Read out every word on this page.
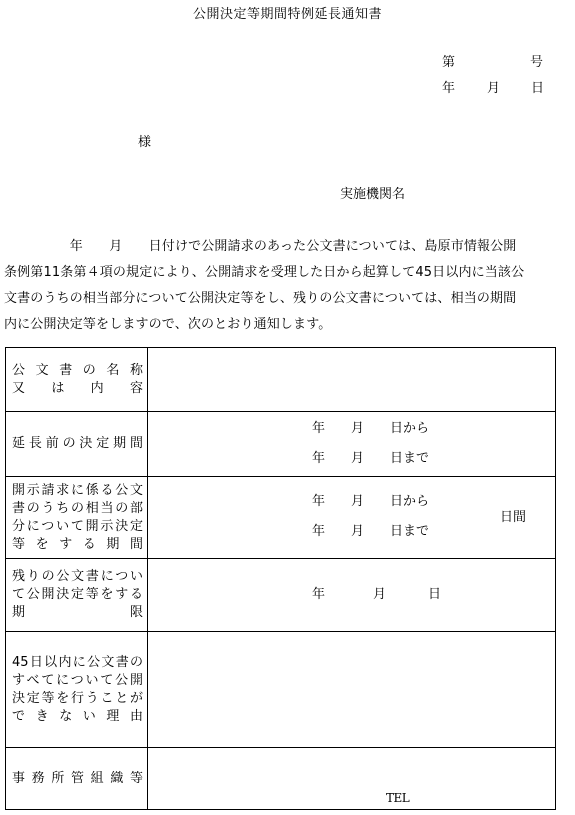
公開決定等期間特例延長通知書
第	号
年 月 日
様
実施機関名
　　　　　年　　月　　日付けで公開請求のあった公文書については、島原市情報公開
条例第11条第４項の規定により、公開請求を受理した日から起算して45日以内に当該公
文書のうちの相当部分について公開決定等をし、残りの公文書については、相当の期間
内に公開決定等をしますので、次のとおり通知します。
公 文 書 の 名 称
又 は 内 容	

延長前の決定期間	年　　月　　日から
年　　月　　日まで

開示請求に係る公文
書のうちの相当の部
分について開示決定
等 を す る 期 間	年　　月　　日から
年　　月　　日まで
日間

残りの公文書につい
て公開決定等をする
期　　　　　　　限	年 月 日

45日以内に公文書の
すべてについて公開
決定等を行うことが
で き な い 理 由	

事 務 所 管 組 織 等	TEL
